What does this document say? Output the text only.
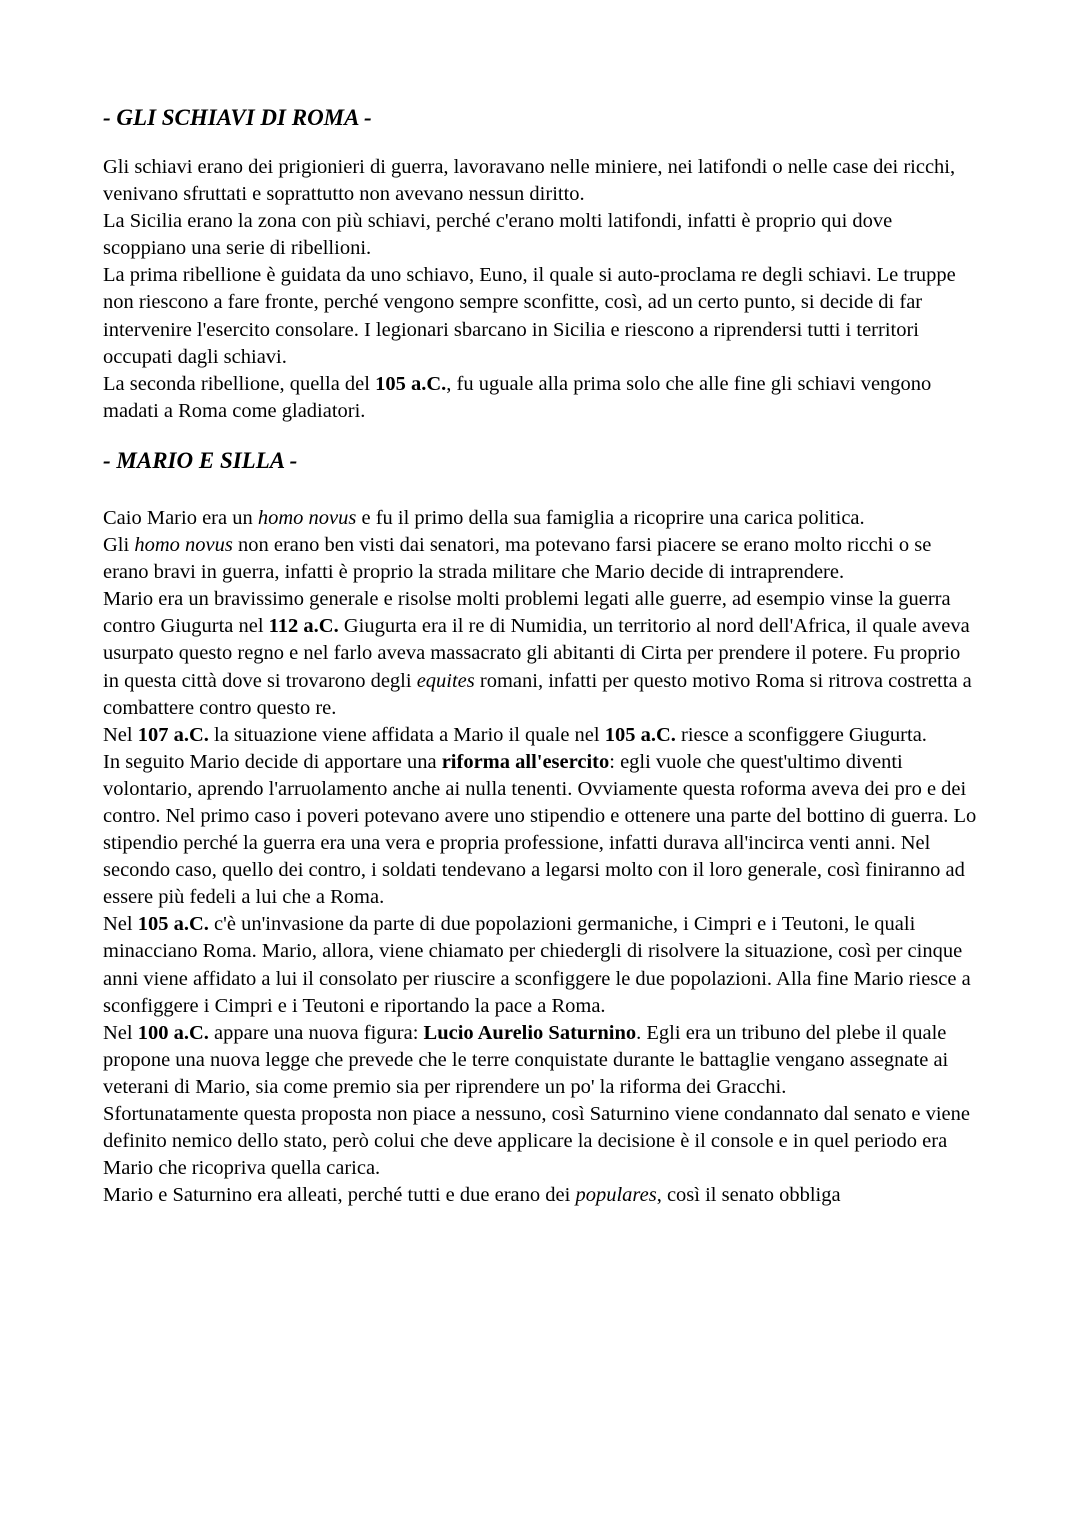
- GLI SCHIAVI DI ROMA -

Gli schiavi erano dei prigionieri di guerra, lavoravano nelle miniere, nei latifondi o nelle case dei ricchi, venivano sfruttati e soprattutto non avevano nessun diritto.

La Sicilia erano la zona con più schiavi, perché c'erano molti latifondi, infatti è proprio qui dove scoppiano una serie di ribellioni.

La prima ribellione è guidata da uno schiavo, Euno, il quale si auto-proclama re degli schiavi. Le truppe non riescono a fare fronte, perché vengono sempre sconfitte, così, ad un certo punto, si decide di far intervenire l'esercito consolare. I legionari sbarcano in Sicilia e riescono a riprendersi tutti i territori occupati dagli schiavi.

La seconda ribellione, quella del 105 a.C., fu uguale alla prima solo che alle fine gli schiavi vengono madati a Roma come gladiatori.

- MARIO E SILLA -

Caio Mario era un homo novus e fu il primo della sua famiglia a ricoprire una carica politica.

Gli homo novus non erano ben visti dai senatori, ma potevano farsi piacere se erano molto ricchi o se erano bravi in guerra, infatti è proprio la strada militare che Mario decide di intraprendere.

Mario era un bravissimo generale e risolse molti problemi legati alle guerre, ad esempio vinse la guerra contro Giugurta nel 112 a.C. Giugurta era il re di Numidia, un territorio al nord dell'Africa, il quale aveva usurpato questo regno e nel farlo aveva massacrato gli abitanti di Cirta per prendere il potere. Fu proprio in questa città dove si trovarono degli equites romani, infatti per questo motivo Roma si ritrova costretta a combattere contro questo re.

Nel 107 a.C. la situazione viene affidata a Mario il quale nel 105 a.C. riesce a sconfiggere Giugurta.

In seguito Mario decide di apportare una riforma all'esercito: egli vuole che quest'ultimo diventi volontario, aprendo l'arruolamento anche ai nulla tenenti. Ovviamente questa roforma aveva dei pro e dei contro. Nel primo caso i poveri potevano avere uno stipendio e ottenere una parte del bottino di guerra. Lo stipendio perché la guerra era una vera e propria professione, infatti durava all'incirca venti anni. Nel secondo caso, quello dei contro, i soldati tendevano a legarsi molto con il loro generale, così finiranno ad essere più fedeli a lui che a Roma.

Nel 105 a.C. c'è un'invasione da parte di due popolazioni germaniche, i Cimpri e i Teutoni, le quali minacciano Roma. Mario, allora, viene chiamato per chiedergli di risolvere la situazione, così per cinque anni viene affidato a lui il consolato per riuscire a sconfiggere le due popolazioni. Alla fine Mario riesce a sconfiggere i Cimpri e i Teutoni e riportando la pace a Roma.

Nel 100 a.C. appare una nuova figura: Lucio Aurelio Saturnino. Egli era un tribuno del plebe il quale propone una nuova legge che prevede che le terre conquistate durante le battaglie vengano assegnate ai veterani di Mario, sia come premio sia per riprendere un po' la riforma dei Gracchi.

Sfortunatamente questa proposta non piace a nessuno, così Saturnino viene condannato dal senato e viene definito nemico dello stato, però colui che deve applicare la decisione è il console e in quel periodo era Mario che ricopriva quella carica.

Mario e Saturnino era alleati, perché tutti e due erano dei populares, così il senato obbliga
